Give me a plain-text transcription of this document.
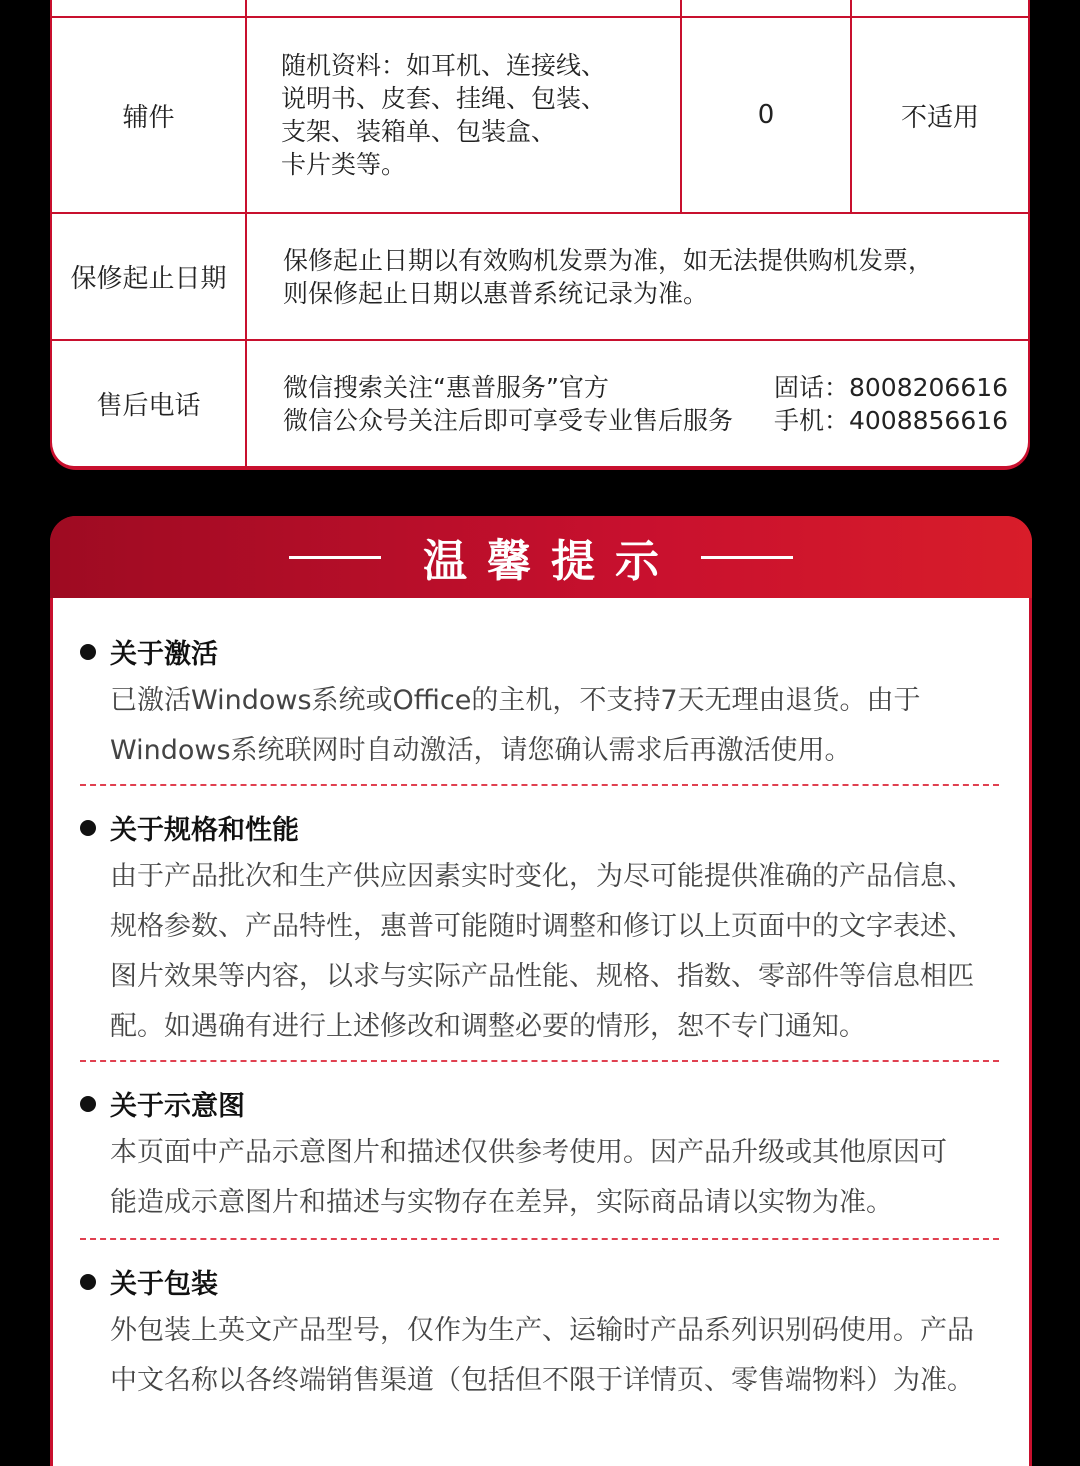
辅件
随机资料：如耳机、连接线、
说明书、皮套、挂绳、包装、
支架、装箱单、包装盒、
卡片类等。
0	不适用
保修起止日期
保修起止日期以有效购机发票为准，如无法提供购机发票，
则保修起止日期以惠普系统记录为准。
售后电话
微信搜索关注“惠普服务”官方
微信公众号关注后即可享受专业售后服务
固话：8008206616
手机：4008856616
温馨提示
关于激活
已激活Windows系统或Office的主机，不支持7天无理由退货。由于
Windows系统联网时自动激活，请您确认需求后再激活使用。
关于规格和性能
由于产品批次和生产供应因素实时变化，为尽可能提供准确的产品信息、
规格参数、产品特性，惠普可能随时调整和修订以上页面中的文字表述、
图片效果等内容，以求与实际产品性能、规格、指数、零部件等信息相匹
配。如遇确有进行上述修改和调整必要的情形，恕不专门通知。
关于示意图
本页面中产品示意图片和描述仅供参考使用。因产品升级或其他原因可
能造成示意图片和描述与实物存在差异，实际商品请以实物为准。
关于包装
外包装上英文产品型号，仅作为生产、运输时产品系列识别码使用。产品
中文名称以各终端销售渠道（包括但不限于详情页、零售端物料）为准。
